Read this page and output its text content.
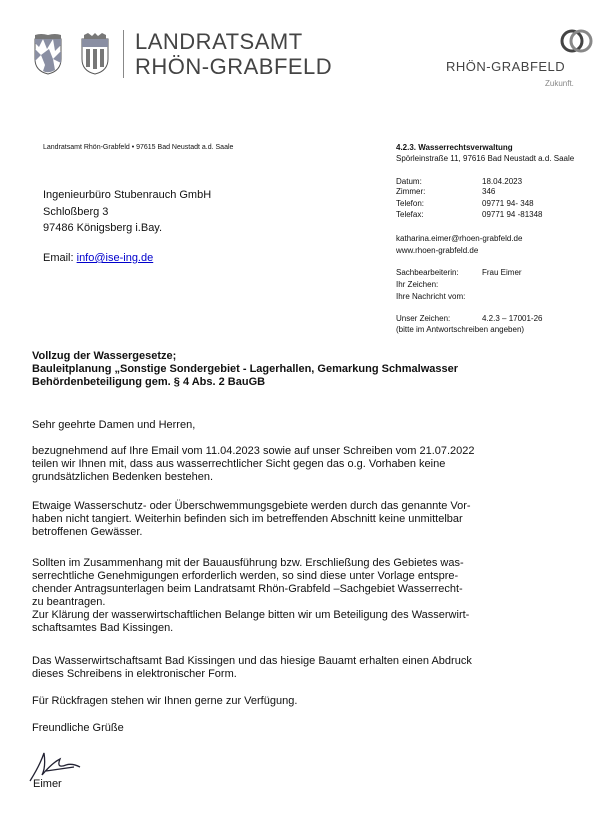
LANDRATSAMT
RHÖN-GRABFELD	RHÖN-GRABFELD
Zukunft.
Landratsamt Rhön-Grabfeld • 97615 Bad Neustadt a.d. Saale	4.2.3. Wasserrechtsverwaltung
Spörleinstraße 11, 97616 Bad Neustadt a.d. Saale
Datum:	18.04.2023
Zimmer:	346
Telefon:	09771 94- 348
Telefax:	09771 94 -81348
katharina.eimer@rhoen-grabfeld.de
www.rhoen-grabfeld.de
Sachbearbeiterin:	Frau Eimer
Ihr Zeichen:
Ihre Nachricht vom:
Unser Zeichen:	4.2.3 – 17001-26
(bitte im Antwortschreiben angeben)
Ingenieurbüro Stubenrauch GmbH
Schloßberg 3
97486 Königsberg i.Bay.
Email: info@ise-ing.de
Vollzug der Wassergesetze;
Bauleitplanung „Sonstige Sondergebiet - Lagerhallen, Gemarkung Schmalwasser
Behördenbeteiligung gem. § 4 Abs. 2 BauGB
Sehr geehrte Damen und Herren,
bezugnehmend auf Ihre Email vom 11.04.2023 sowie auf unser Schreiben vom 21.07.2022
teilen wir Ihnen mit, dass aus wasserrechtlicher Sicht gegen das o.g. Vorhaben keine
grundsätzlichen Bedenken bestehen.
Etwaige Wasserschutz- oder Überschwemmungsgebiete werden durch das genannte Vor-
haben nicht tangiert. Weiterhin befinden sich im betreffenden Abschnitt keine unmittelbar
betroffenen Gewässer.
Sollten im Zusammenhang mit der Bauausführung bzw. Erschließung des Gebietes was-
serrechtliche Genehmigungen erforderlich werden, so sind diese unter Vorlage entspre-
chender Antragsunterlagen beim Landratsamt Rhön-Grabfeld –Sachgebiet Wasserrecht-
zu beantragen.
Zur Klärung der wasserwirtschaftlichen Belange bitten wir um Beteiligung des Wasserwirt-
schaftsamtes Bad Kissingen.
Das Wasserwirtschaftsamt Bad Kissingen und das hiesige Bauamt erhalten einen Abdruck
dieses Schreibens in elektronischer Form.
Für Rückfragen stehen wir Ihnen gerne zur Verfügung.
Freundliche Grüße
Eimer
